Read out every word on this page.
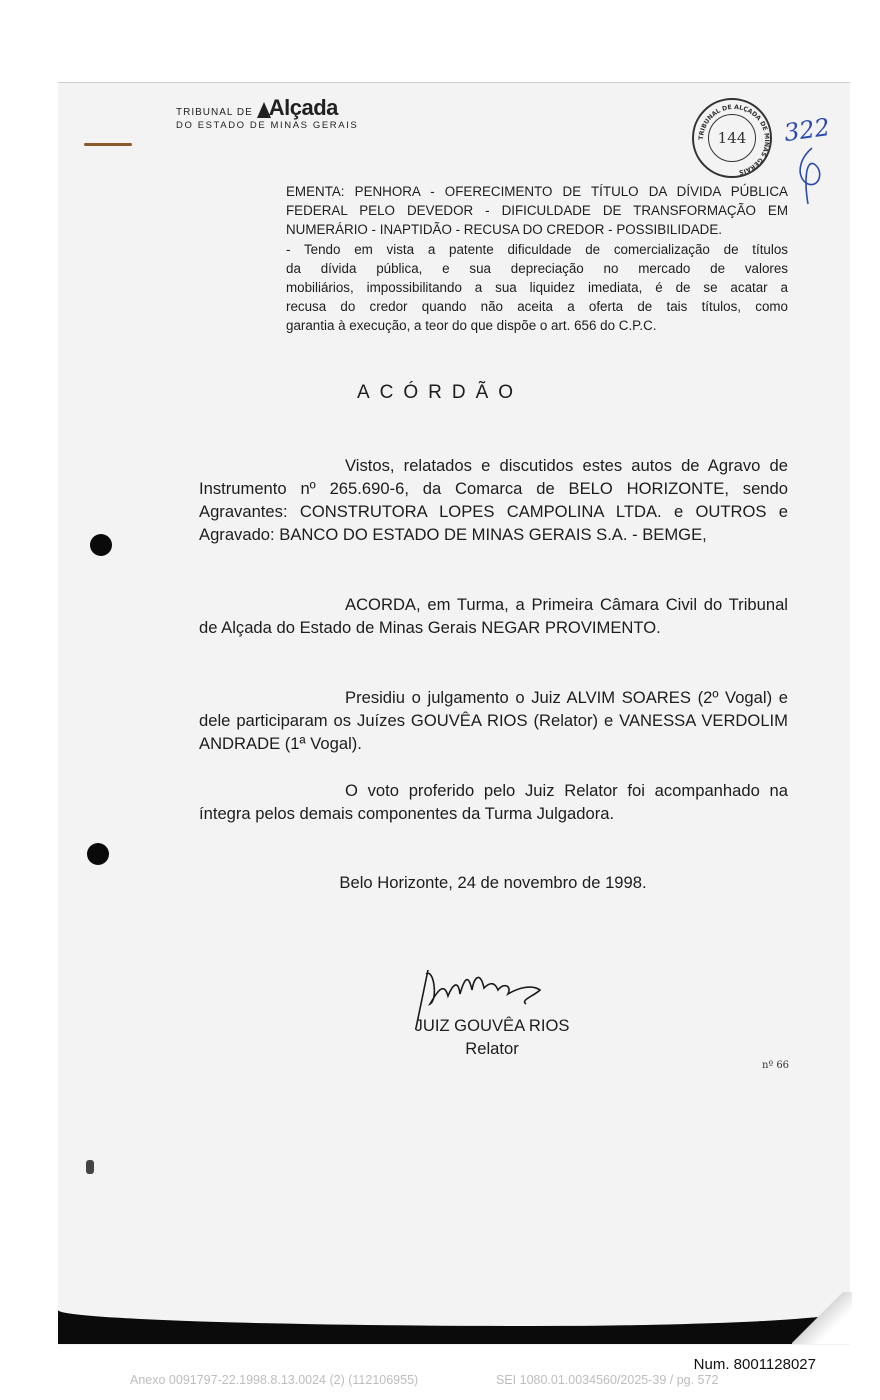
TRIBUNAL DE Alçada
DO ESTADO DE MINAS GERAIS
TRIBUNAL DE ALÇADA DE MINAS GERAIS
144	322

EMENTA: PENHORA - OFERECIMENTO DE TÍTULO DA DÍVIDA PÚBLICA

FEDERAL PELO DEVEDOR - DIFICULDADE DE TRANSFORMAÇÃO EM

NUMERÁRIO - INAPTIDÃO - RECUSA DO CREDOR - POSSIBILIDADE.

- Tendo em vista a patente dificuldade de comercialização de títulos

da dívida pública, e sua depreciação no mercado de valores

mobiliários, impossibilitando a sua liquidez imediata, é de se acatar a

recusa do credor quando não aceita a oferta de tais títulos, como

garantia à execução, a teor do que dispõe o art. 656 do C.P.C.

ACÓRDÃO

Vistos, relatados e discutidos estes autos de Agravo de Instrumento nº 265.690-6, da Comarca de BELO HORIZONTE, sendo Agravantes: CONSTRUTORA LOPES CAMPOLINA LTDA. e OUTROS e Agravado: BANCO DO ESTADO DE MINAS GERAIS S.A. - BEMGE,

ACORDA, em Turma, a Primeira Câmara Civil do Tribunal de Alçada do Estado de Minas Gerais NEGAR PROVIMENTO.

Presidiu o julgamento o Juiz ALVIM SOARES (2º Vogal) e dele participaram os Juízes GOUVÊA RIOS (Relator) e VANESSA VERDOLIM ANDRADE (1ª Vogal).

O voto proferido pelo Juiz Relator foi acompanhado na íntegra pelos demais componentes da Turma Julgadora.

Belo Horizonte, 24 de novembro de 1998.
JUIZ GOUVÊA RIOS
Relator
nº 66
Num. 8001128027
Anexo 0091797-22.1998.8.13.0024 (2) (112106955)	SEI 1080.01.0034560/2025-39 / pg. 572
